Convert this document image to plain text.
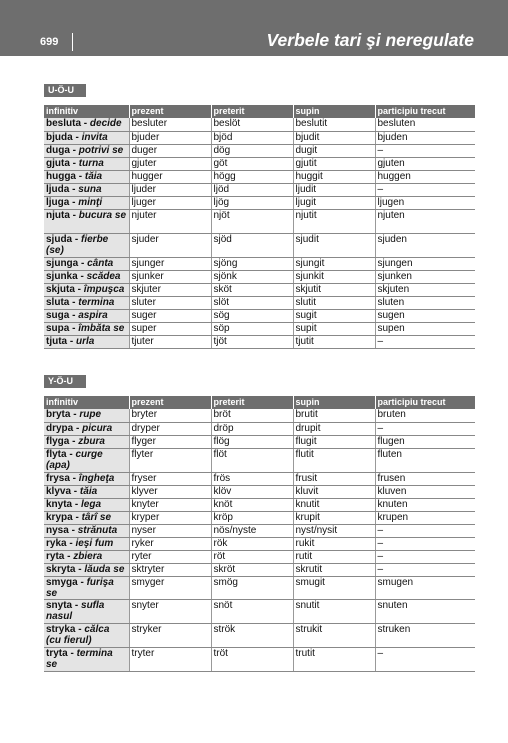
699	Verbele tari şi neregulate
U-Ö-U
infinitiv	prezent	preterit	supin	participiu trecut
besluta - decide	besluter	beslöt	beslutit	besluten
bjuda - invita	bjuder	bjöd	bjudit	bjuden
duga - potrivi se	duger	dög	dugit	–
gjuta - turna	gjuter	göt	gjutit	gjuten
hugga - tăia	hugger	högg	huggit	huggen
ljuda - suna	ljuder	ljöd	ljudit	–
ljuga - minţi	ljuger	ljög	ljugit	ljugen
njuta - bucura se	njuter	njöt	njutit	njuten
sjuda - fierbe (se)	sjuder	sjöd	sjudit	sjuden
sjunga - cânta	sjunger	sjöng	sjungit	sjungen
sjunka - scădea	sjunker	sjönk	sjunkit	sjunken
skjuta - împuşca	skjuter	sköt	skjutit	skjuten
sluta - termina	sluter	slöt	slutit	sluten
suga - aspira	suger	sög	sugit	sugen
supa - îmbăta se	super	söp	supit	supen
tjuta - urla	tjuter	tjöt	tjutit	–
Y-Ö-U
infinitiv	prezent	preterit	supin	participiu trecut
bryta - rupe	bryter	bröt	brutit	bruten
drypa - picura	dryper	dröp	drupit	–
flyga - zbura	flyger	flög	flugit	flugen
flyta - curge (apa)	flyter	flöt	flutit	fluten
frysa - îngheţa	fryser	frös	frusit	frusen
klyva - tăia	klyver	klöv	kluvit	kluven
knyta - lega	knyter	knöt	knutit	knuten
krypa - târî se	kryper	kröp	krupit	krupen
nysa - strănuta	nyser	nös/nyste	nyst/nysit	–
ryka - ieşi fum	ryker	rök	rukit	–
ryta - zbiera	ryter	röt	rutit	–
skryta - lăuda se	sktryter	skröt	skrutit	–
smyga - furişa se	smyger	smög	smugit	smugen
snyta - sufla nasul	snyter	snöt	snutit	snuten
stryka - călca (cu fierul)	stryker	strök	strukit	struken
tryta - termina se	tryter	tröt	trutit	–
